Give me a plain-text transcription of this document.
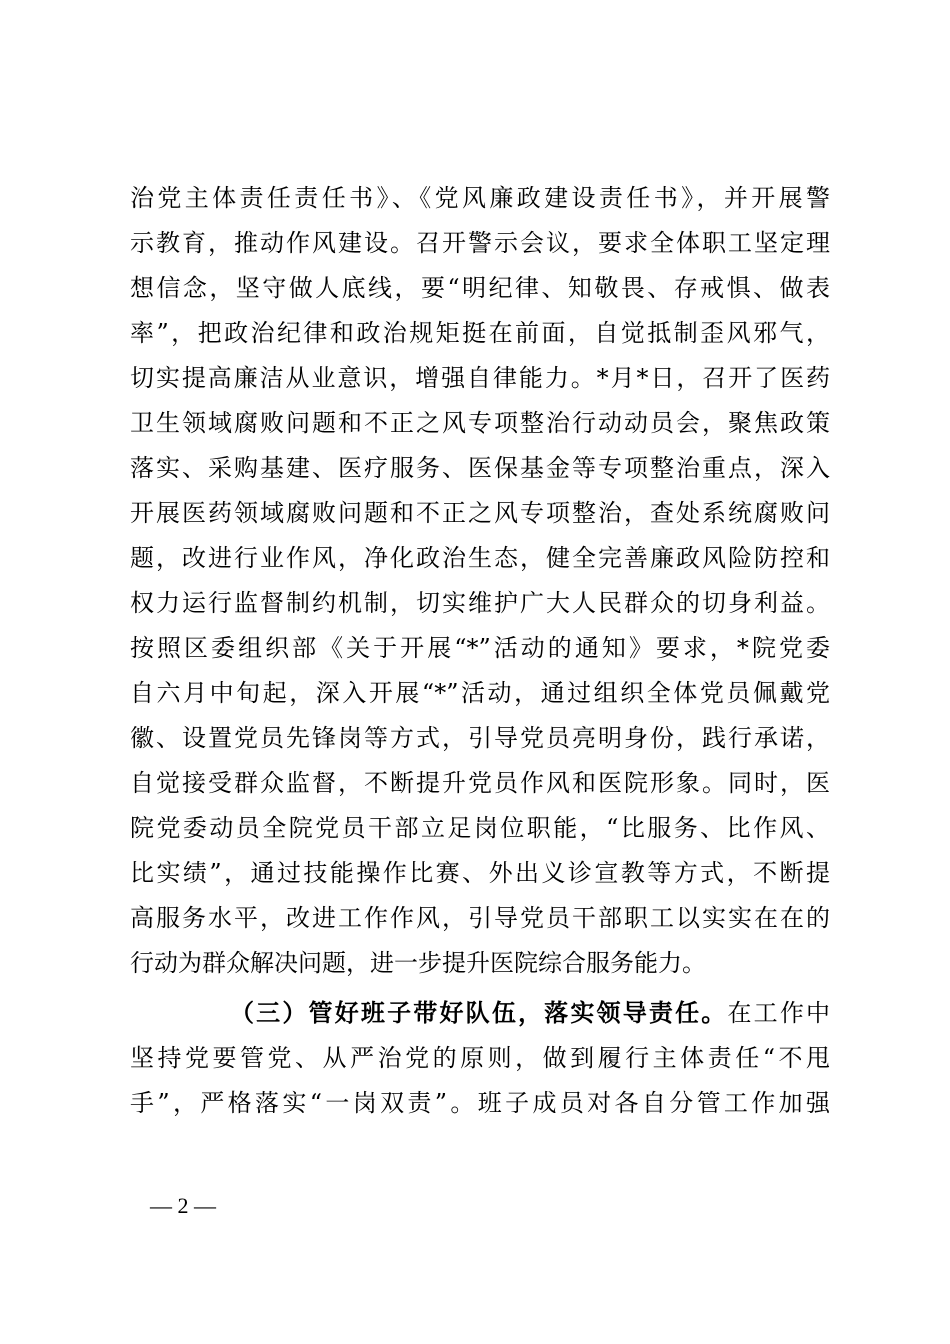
治党主体责任责任书》、《党风廉政建设责任书》，并开展警
示教育，推动作风建设。召开警示会议，要求全体职工坚定理
想信念，坚守做人底线，要“明纪律、知敬畏、存戒惧、做表
率”，把政治纪律和政治规矩挺在前面，自觉抵制歪风邪气，
切实提高廉洁从业意识，增强自律能力。*月*日，召开了医药
卫生领域腐败问题和不正之风专项整治行动动员会，聚焦政策
落实、采购基建、医疗服务、医保基金等专项整治重点，深入
开展医药领域腐败问题和不正之风专项整治，查处系统腐败问
题，改进行业作风，净化政治生态，健全完善廉政风险防控和
权力运行监督制约机制，切实维护广大人民群众的切身利益。
按照区委组织部《关于开展“*”活动的通知》要求，*院党委
自六月中旬起，深入开展“*”活动，通过组织全体党员佩戴党
徽、设置党员先锋岗等方式，引导党员亮明身份，践行承诺，
自觉接受群众监督，不断提升党员作风和医院形象。同时，医
院党委动员全院党员干部立足岗位职能，“比服务、比作风、
比实绩”，通过技能操作比赛、外出义诊宣教等方式，不断提
高服务水平，改进工作作风，引导党员干部职工以实实在在的
行动为群众解决问题，进一步提升医院综合服务能力。
（三）管好班子带好队伍，落实领导责任。在工作中
坚持党要管党、从严治党的原则，做到履行主体责任“不甩
手”，严格落实“一岗双责”。班子成员对各自分管工作加强
— 2 —
